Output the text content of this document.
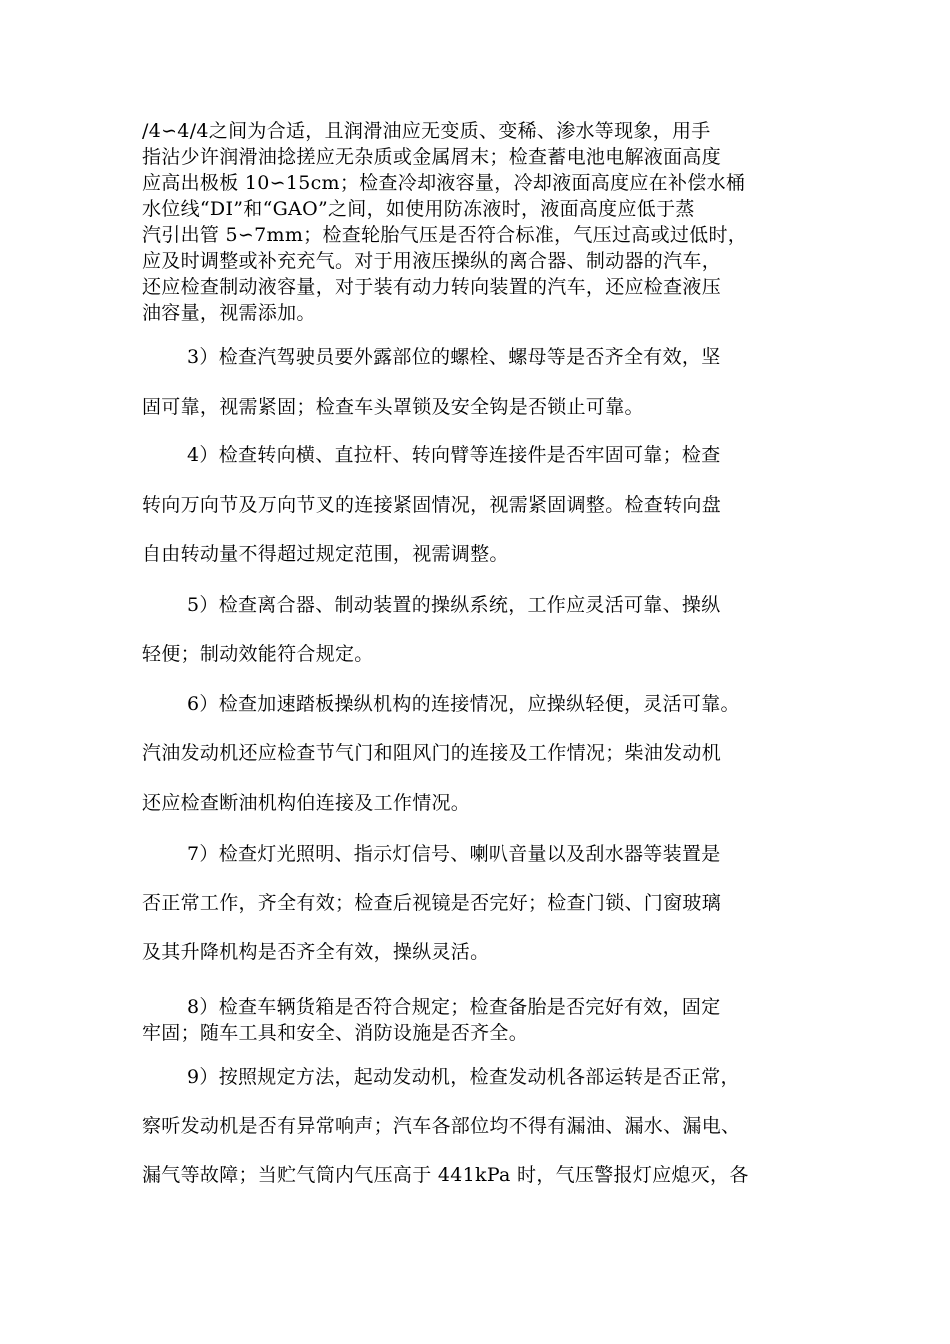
/4∽4/4之间为合适，且润滑油应无变质、变稀、渗水等现象，用手
指沾少许润滑油捻搓应无杂质或金属屑末；检查蓄电池电解液面高度
应高出极板 10∽15cm；检查冷却液容量，冷却液面高度应在补偿水桶
水位线“DI”和“GAO”之间，如使用防冻液时，液面高度应低于蒸
汽引出管 5∽7mm；检查轮胎气压是否符合标准，气压过高或过低时，
应及时调整或补充充气。对于用液压操纵的离合器、制动器的汽车，
还应检查制动液容量，对于装有动力转向装置的汽车，还应检查液压
油容量，视需添加。
3）检查汽驾驶员要外露部位的螺栓、螺母等是否齐全有效，坚
固可靠，视需紧固；检查车头罩锁及安全钩是否锁止可靠。
4）检查转向横、直拉杆、转向臂等连接件是否牢固可靠；检查
转向万向节及万向节叉的连接紧固情况，视需紧固调整。检查转向盘
自由转动量不得超过规定范围，视需调整。
5）检查离合器、制动装置的操纵系统，工作应灵活可靠、操纵
轻便；制动效能符合规定。
6）检查加速踏板操纵机构的连接情况，应操纵轻便，灵活可靠。
汽油发动机还应检查节气门和阻风门的连接及工作情况；柴油发动机
还应检查断油机构伯连接及工作情况。
7）检查灯光照明、指示灯信号、喇叭音量以及刮水器等装置是
否正常工作，齐全有效；检查后视镜是否完好；检查门锁、门窗玻璃
及其升降机构是否齐全有效，操纵灵活。
8）检查车辆货箱是否符合规定；检查备胎是否完好有效，固定
牢固；随车工具和安全、消防设施是否齐全。
9）按照规定方法，起动发动机，检查发动机各部运转是否正常，
察听发动机是否有异常响声；汽车各部位均不得有漏油、漏水、漏电、
漏气等故障；当贮气筒内气压高于 441kPa 时，气压警报灯应熄灭，各
